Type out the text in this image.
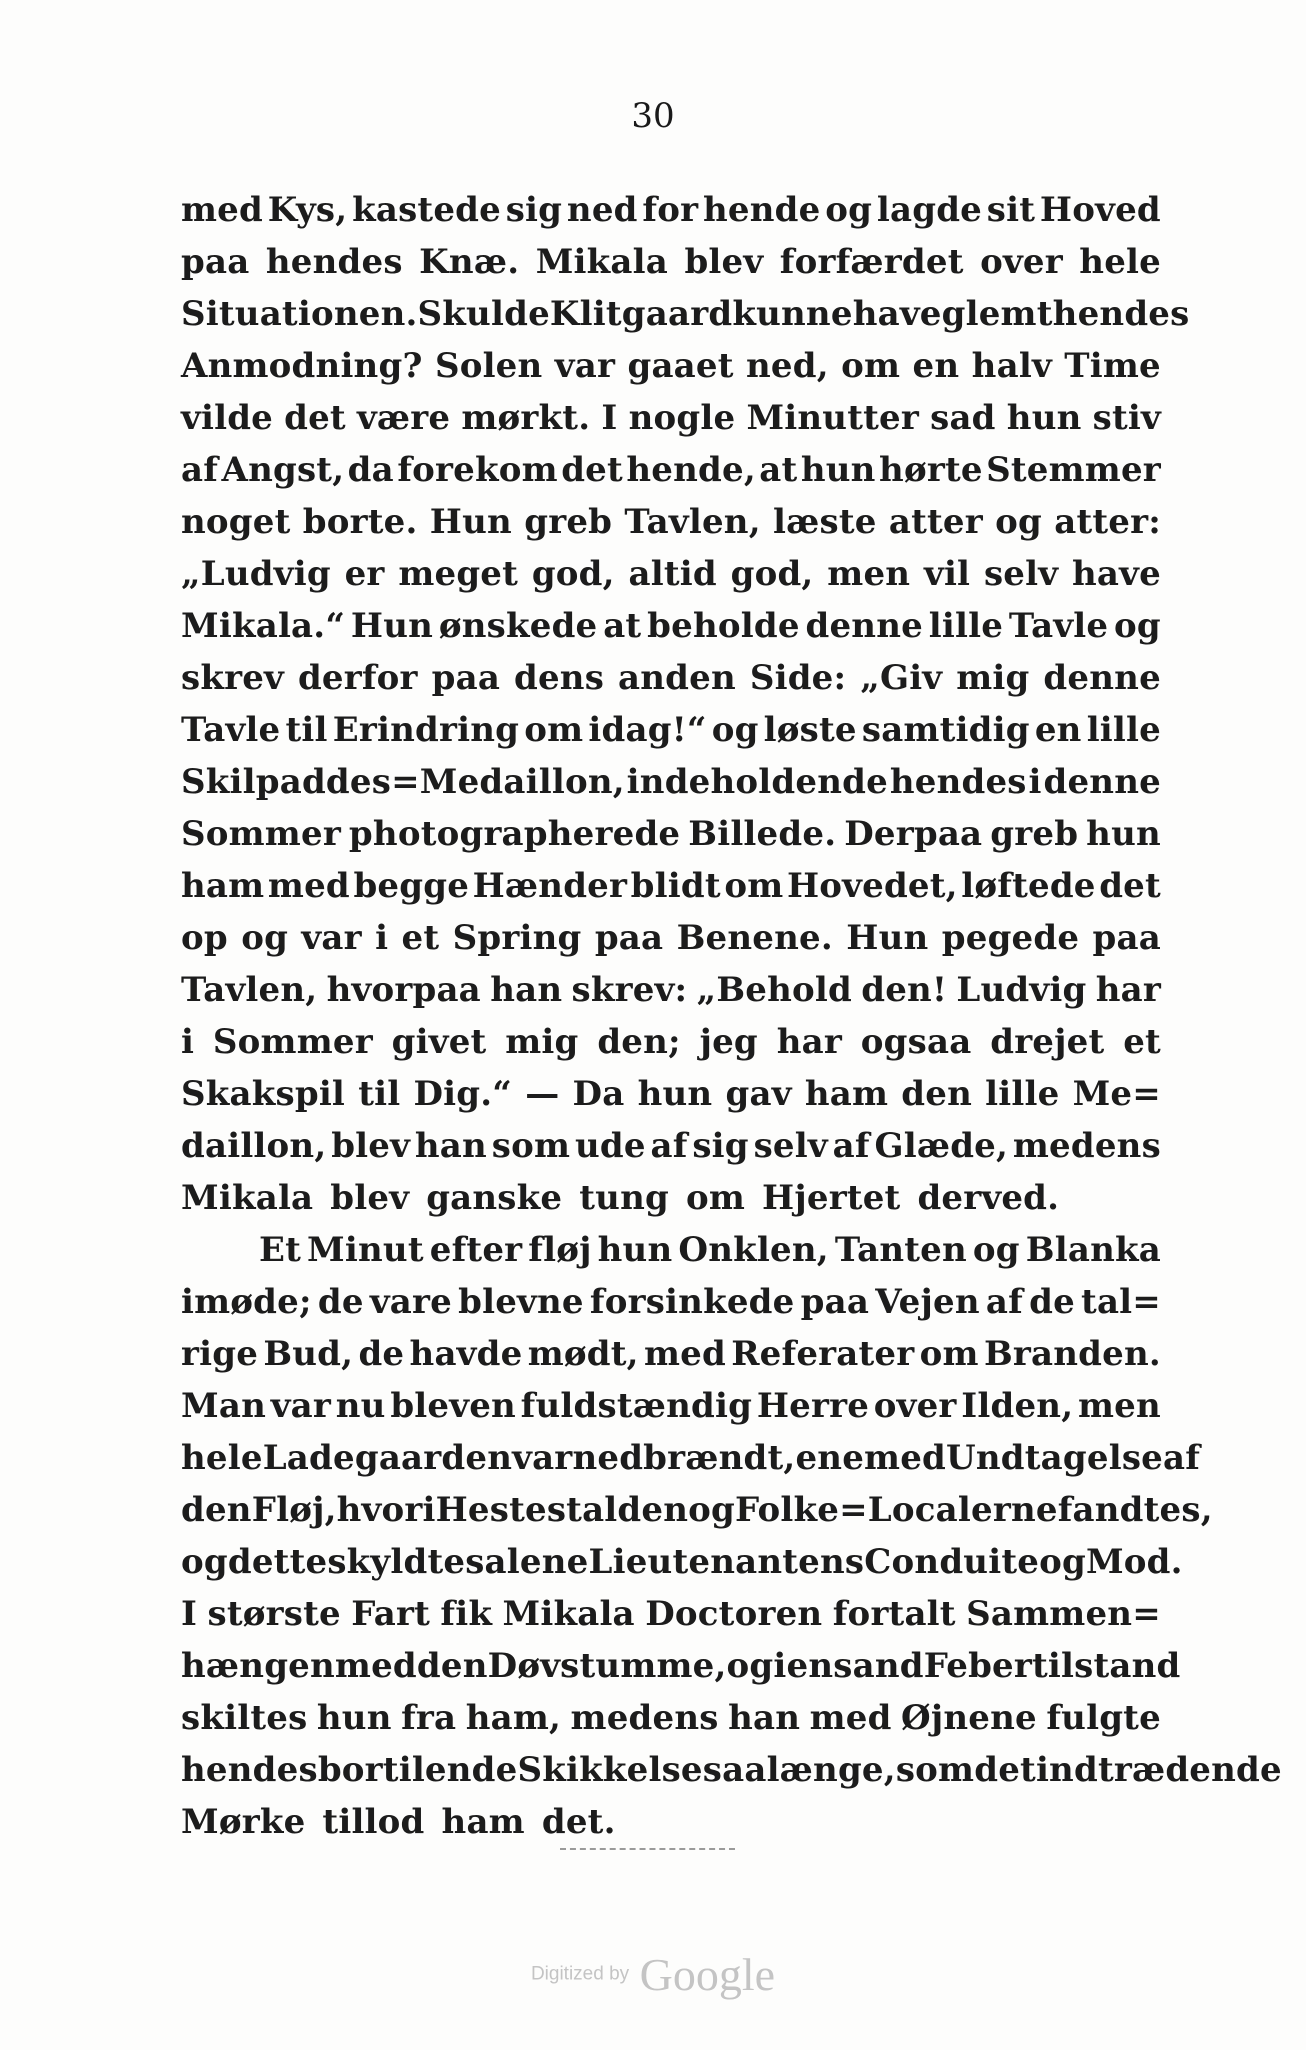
30
med Kys, kastede sig ned for hende og lagde sit Hoved
paa hendes Knæ. Mikala blev forfærdet over hele
Situationen. Skulde Klitgaard kunne have glemt hendes
Anmodning? Solen var gaaet ned, om en halv Time
vilde det være mørkt. I nogle Minutter sad hun stiv
af Angst, da forekom det hende, at hun hørte Stemmer
noget borte. Hun greb Tavlen, læste atter og atter:
„Ludvig er meget god, altid god, men vil selv have
Mikala.“ Hun ønskede at beholde denne lille Tavle og
skrev derfor paa dens anden Side: „Giv mig denne
Tavle til Erindring om idag!“ og løste samtidig en lille
Skilpaddes=Medaillon, indeholdende hendes i denne
Sommer photographerede Billede. Derpaa greb hun
ham med begge Hænder blidt om Hovedet, løftede det
op og var i et Spring paa Benene. Hun pegede paa
Tavlen, hvorpaa han skrev: „Behold den! Ludvig har
i Sommer givet mig den; jeg har ogsaa drejet et
Skakspil til Dig.“ — Da hun gav ham den lille Me=
daillon, blev han som ude af sig selv af Glæde, medens
Mikala blev ganske tung om Hjertet derved.
Et Minut efter fløj hun Onklen, Tanten og Blanka
imøde; de vare blevne forsinkede paa Vejen af de tal=
rige Bud, de havde mødt, med Referater om Branden.
Man var nu bleven fuldstændig Herre over Ilden, men
hele Ladegaarden var nedbrændt, ene med Undtagelse af
den Fløj, hvori Hestestalden og Folke=Localerne fandtes,
og dette skyldtes alene Lieutenantens Conduite og Mod.
I største Fart fik Mikala Doctoren fortalt Sammen=
hængen med den Døvstumme, og i en sand Febertilstand
skiltes hun fra ham, medens han med Øjnene fulgte
hendes bortilende Skikkelse saalænge, som det indtrædende
Mørke tillod ham det.
Digitized by Google
